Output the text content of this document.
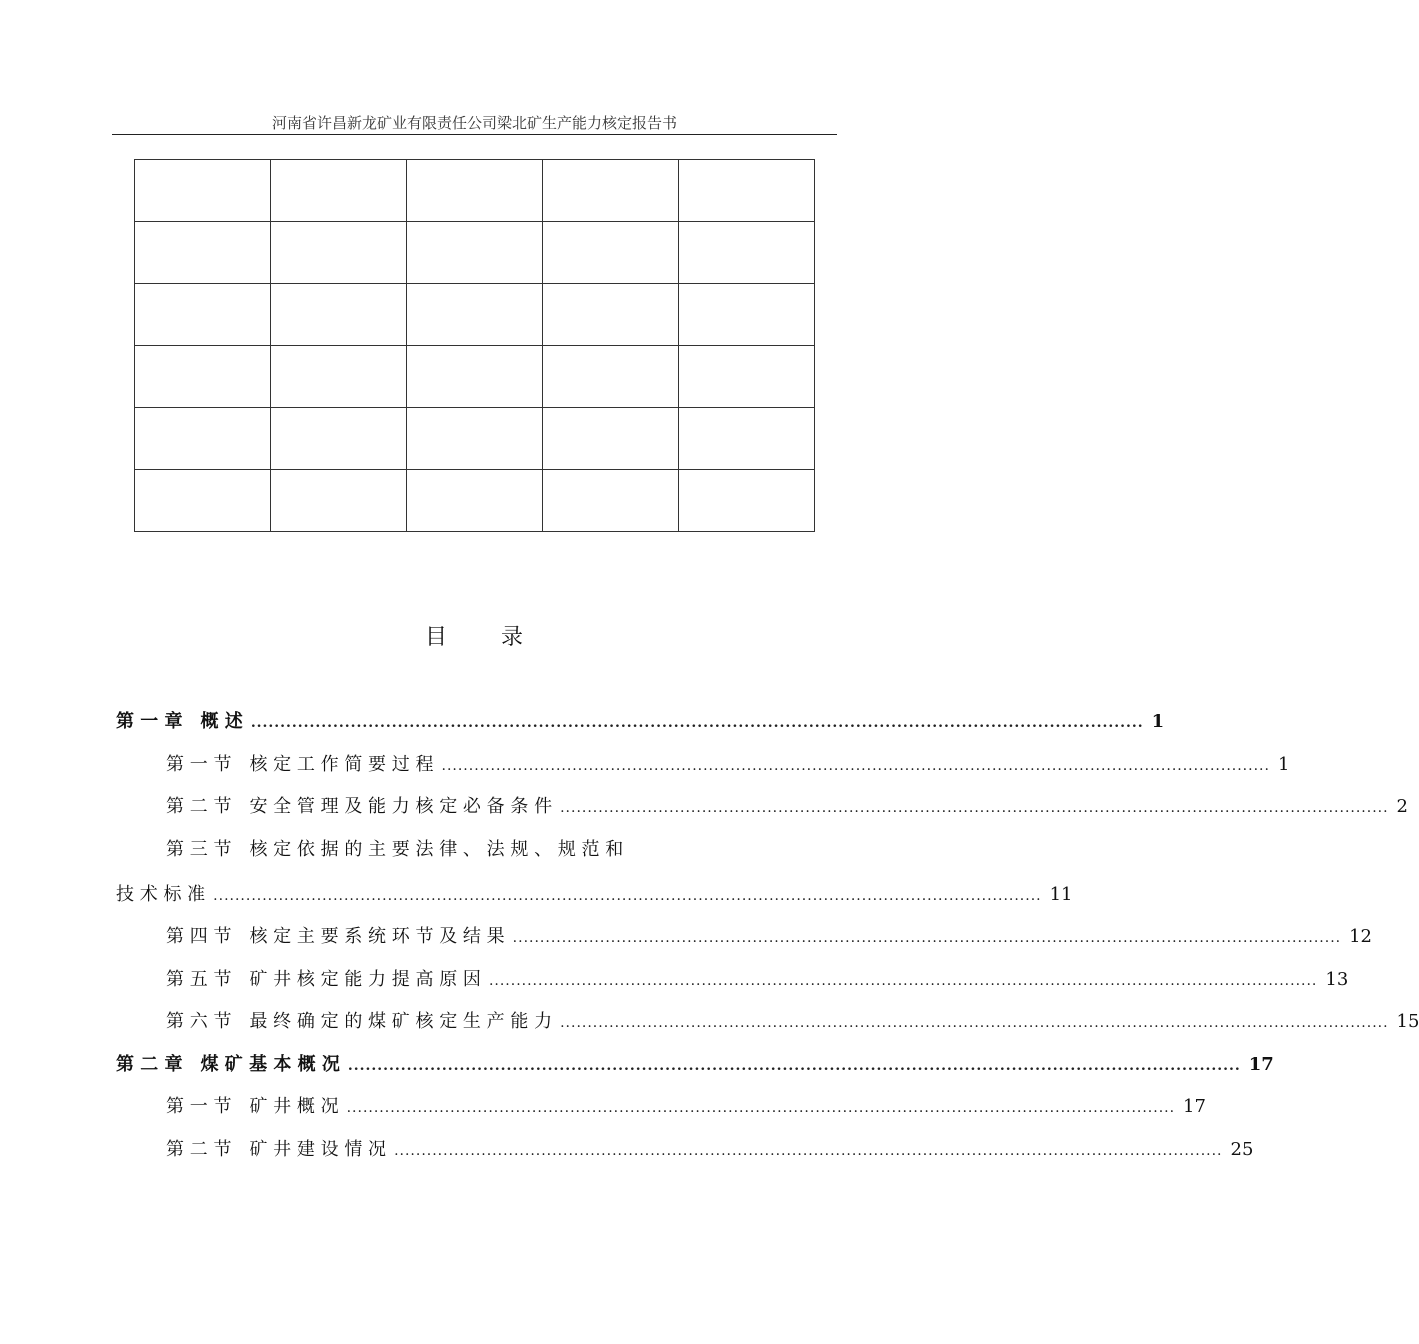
河南省许昌新龙矿业有限责任公司梁北矿生产能力核定报告书

目 录
第 一 章　概 述 ........................................................................................................................................................ 1
第 一 节　核 定 工 作 简 要 过 程 ........................................................................................................................................................ 1
第 二 节　安 全 管 理 及 能 力 核 定 必 备 条 件 ........................................................................................................................................................ 2
第 三 节　核 定 依 据 的 主 要 法 律 、 法 规 、 规 范 和
技 术 标 准 ........................................................................................................................................................ 11
第 四 节　核 定 主 要 系 统 环 节 及 结 果 ........................................................................................................................................................ 12
第 五 节　矿 井 核 定 能 力 提 高 原 因 ........................................................................................................................................................ 13
第 六 节　最 终 确 定 的 煤 矿 核 定 生 产 能 力 ........................................................................................................................................................ 15
第 二 章　煤 矿 基 本 概 况 ........................................................................................................................................................ 17
第 一 节　矿 井 概 况 ........................................................................................................................................................ 17
第 二 节　矿 井 建 设 情 况 ........................................................................................................................................................ 25
